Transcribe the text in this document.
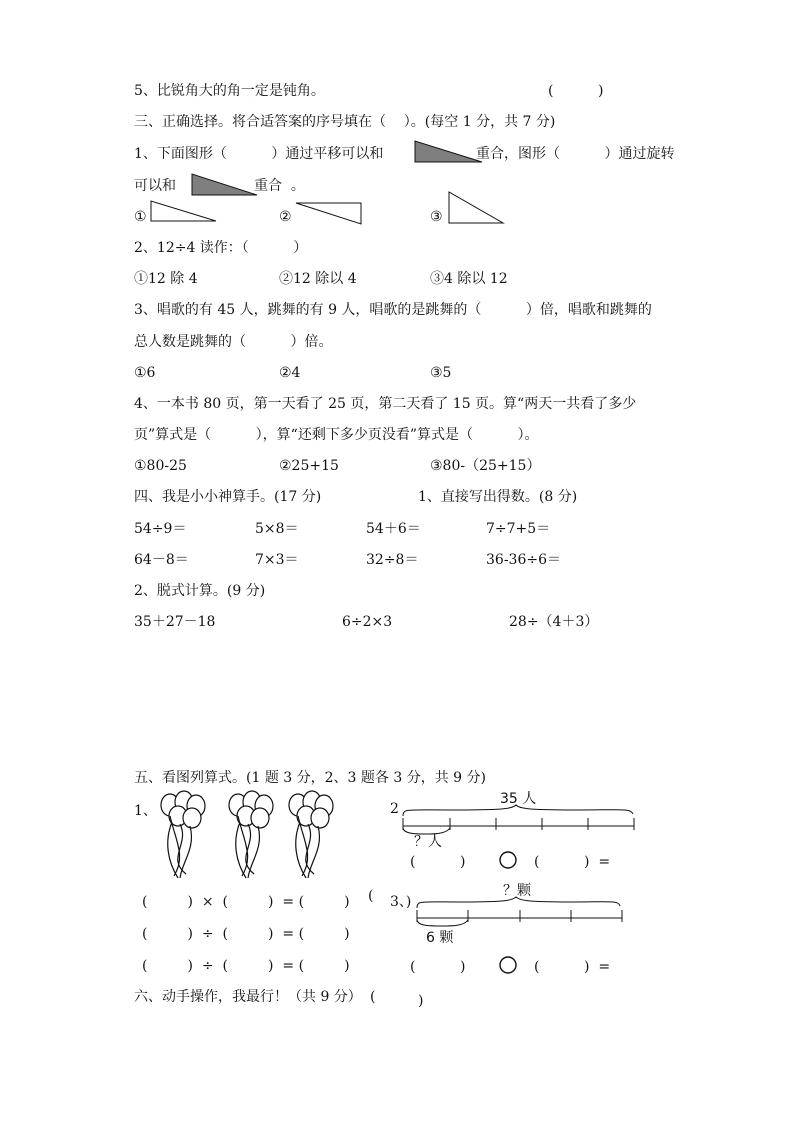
5、比锐角大的角一定是钝角。	(          )
三、正确选择。将合适答案的序号填在（    ）。(每空 1 分，共 7 分)
1、下面图形（          ）通过平移可以和	重合，图形（          ）通过旋转
可以和	重合  。
①	②	③
2、12÷4 读作：（          ）
①12 除 4	②12 除以 4	③4 除以 12
3、唱歌的有 45 人，跳舞的有 9 人，唱歌的是跳舞的（          ）倍，唱歌和跳舞的
总人数是跳舞的（          ）倍。
①6	②4	③5
4、一本书 80 页，第一天看了 25 页，第二天看了 15 页。算“两天一共看了多少
页”算式是（          ），算“还剩下多少页没看”算式是（          ）。
①80-25	②25+15	③80-（25+15）
四、我是小小神算手。(17 分)	1、直接写出得数。(8 分)
54÷9＝	5×8＝	54＋6＝	7÷7+5＝
64－8＝	7×3＝	32÷8＝	36-36÷6＝
2、脱式计算。(9 分)
35＋27－18	6÷2×3	28÷（4＋3）
五、看图列算式。(1 题 3 分，2、3 题各 3 分，共 9 分)
1、	2
35 人
？人
(          )	(          )  =
(         )  ×  (         )  = (         ) (
(         )  ÷  (         )  = (         )
(         )  ÷  (         )  = (         )
3、)
？颗
6 颗
(          )	(          )  =
六、动手操作，我最行！（共 9 分） (	)
